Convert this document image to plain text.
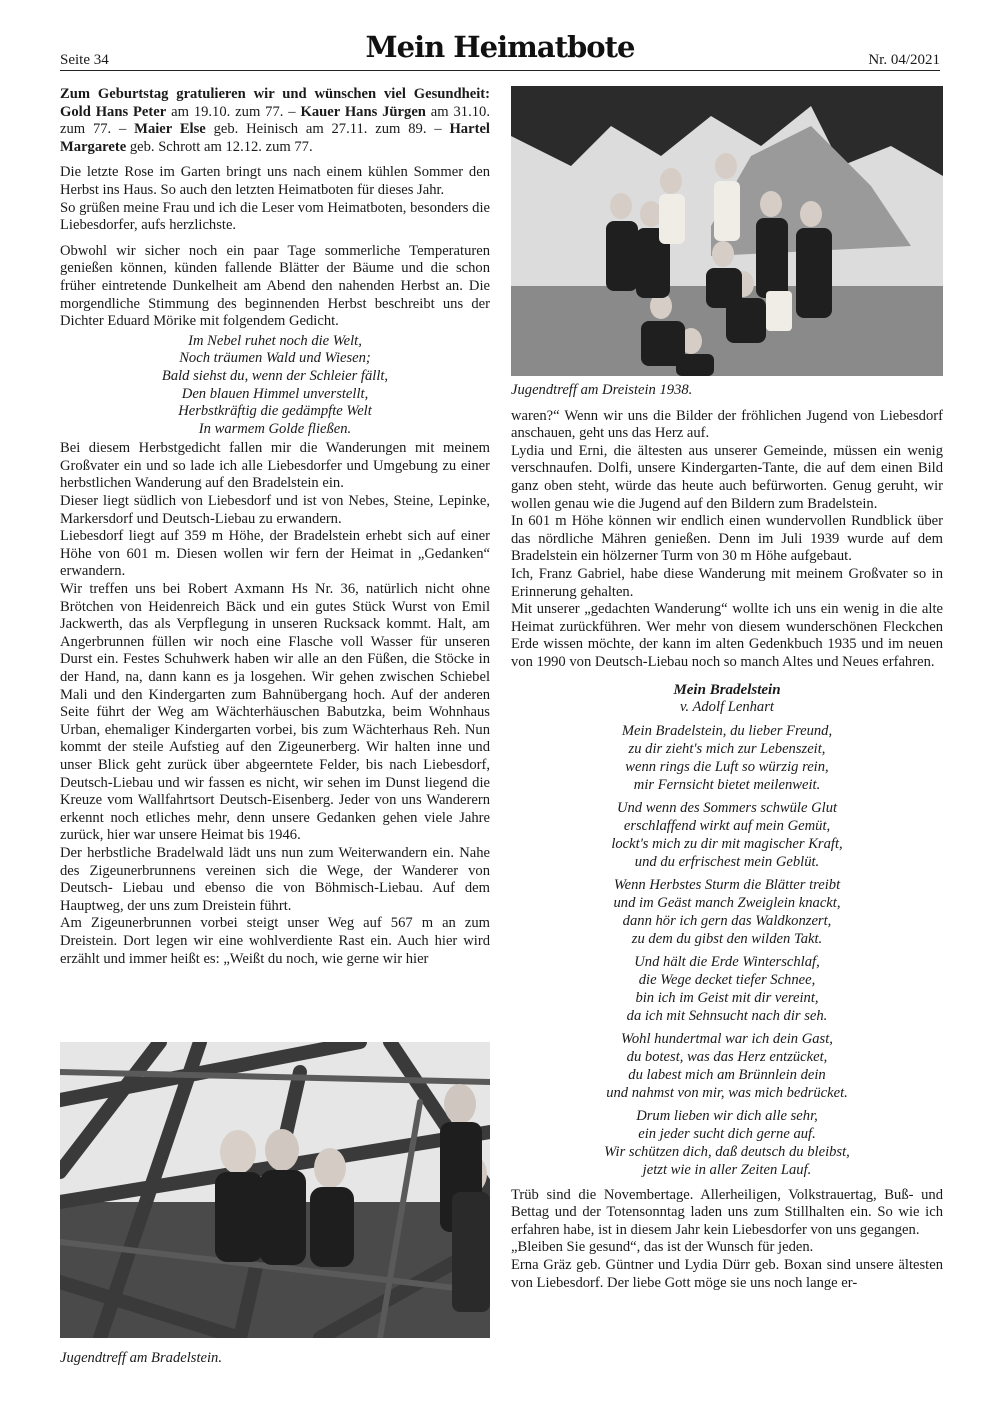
Seite 34	Mein Heimatbote	Nr. 04/2021

Zum Geburtstag gratulieren wir und wünschen viel Gesundheit: Gold Hans Peter am 19.10. zum 77. – Kauer Hans Jürgen am 31.10. zum 77. – Maier Else geb. Heinisch am 27.11. zum 89. – Hartel Margarete geb. Schrott am 12.12. zum 77.

Die letzte Rose im Garten bringt uns nach einem kühlen Sommer den Herbst ins Haus. So auch den letzten Heimatboten für dieses Jahr.

So grüßen meine Frau und ich die Leser vom Heimatboten, besonders die Liebesdorfer, aufs herzlichste.

Obwohl wir sicher noch ein paar Tage sommerliche Temperaturen genießen können, künden fallende Blätter der Bäume und die schon früher eintretende Dunkelheit am Abend den nahenden Herbst an. Die morgendliche Stimmung des beginnenden Herbst beschreibt uns der Dichter Eduard Mörike mit folgendem Gedicht.

Im Nebel ruhet noch die Welt,
Noch träumen Wald und Wiesen;
Bald siehst du, wenn der Schleier fällt,
Den blauen Himmel unverstellt,
Herbstkräftig die gedämpfte Welt
In warmem Golde fließen.

Bei diesem Herbstgedicht fallen mir die Wanderungen mit meinem Großvater ein und so lade ich alle Liebesdorfer und Umgebung zu einer herbstlichen Wanderung auf den Bradelstein ein.

Dieser liegt südlich von Liebesdorf und ist von Nebes, Steine, Lepinke, Markersdorf und Deutsch-Liebau zu erwandern.

Liebesdorf liegt auf 359 m Höhe, der Bradelstein erhebt sich auf einer Höhe von 601 m. Diesen wollen wir fern der Heimat in „Gedanken“ erwandern.

Wir treffen uns bei Robert Axmann Hs Nr. 36, natürlich nicht ohne Brötchen von Heidenreich Bäck und ein gutes Stück Wurst von Emil Jackwerth, das als Verpflegung in unseren Rucksack kommt. Halt, am Angerbrunnen füllen wir noch eine Flasche voll Wasser für unseren Durst ein. Festes Schuhwerk haben wir alle an den Füßen, die Stöcke in der Hand, na, dann kann es ja losgehen. Wir gehen zwischen Schiebel Mali und den Kindergarten zum Bahnübergang hoch. Auf der anderen Seite führt der Weg am Wächterhäuschen Babutzka, beim Wohnhaus Urban, ehemaliger Kindergarten vorbei, bis zum Wächterhaus Reh. Nun kommt der steile Aufstieg auf den Zigeunerberg. Wir halten inne und unser Blick geht zurück über abgeerntete Felder, bis nach Liebesdorf, Deutsch-Liebau und wir fassen es nicht, wir sehen im Dunst liegend die Kreuze vom Wallfahrtsort Deutsch-Eisenberg. Jeder von uns Wanderern erkennt noch etliches mehr, denn unsere Gedanken gehen viele Jahre zurück, hier war unsere Heimat bis 1946.

Der herbstliche Bradelwald lädt uns nun zum Weiterwandern ein. Nahe des Zigeunerbrunnens vereinen sich die Wege, der Wanderer von Deutsch- Liebau und ebenso die von Böhmisch-Liebau. Auf dem Hauptweg, der uns zum Dreistein führt.

Am Zigeunerbrunnen vorbei steigt unser Weg auf 567 m an zum Dreistein. Dort legen wir eine wohlverdiente Rast ein. Auch hier wird erzählt und immer heißt es: „Weißt du noch, wie gerne wir hier

Jugendtreff am Bradelstein.
Jugendtreff am Dreistein 1938.

waren?“ Wenn wir uns die Bilder der fröhlichen Jugend von Liebesdorf anschauen, geht uns das Herz auf.

Lydia und Erni, die ältesten aus unserer Gemeinde, müssen ein wenig verschnaufen. Dolfi, unsere Kindergarten-Tante, die auf dem einen Bild ganz oben steht, würde das heute auch befürworten. Genug geruht, wir wollen genau wie die Jugend auf den Bildern zum Bradelstein.

In 601 m Höhe können wir endlich einen wundervollen Rundblick über das nördliche Mähren genießen. Denn im Juli 1939 wurde auf dem Bradelstein ein hölzerner Turm von 30 m Höhe aufgebaut.

Ich, Franz Gabriel, habe diese Wanderung mit meinem Großvater so in Erinnerung gehalten.

Mit unserer „gedachten Wanderung“ wollte ich uns ein wenig in die alte Heimat zurückführen. Wer mehr von diesem wunderschönen Fleckchen Erde wissen möchte, der kann im alten Gedenkbuch 1935 und im neuen von 1990 von Deutsch-Liebau noch so manch Altes und Neues erfahren.

Mein Bradelstein
v. Adolf Lenhart
Mein Bradelstein, du lieber Freund,
zu dir zieht's mich zur Lebenszeit,
wenn rings die Luft so würzig rein,
mir Fernsicht bietet meilenweit.
Und wenn des Sommers schwüle Glut
erschlaffend wirkt auf mein Gemüt,
lockt's mich zu dir mit magischer Kraft,
und du erfrischest mein Geblüt.
Wenn Herbstes Sturm die Blätter treibt
und im Geäst manch Zweiglein knackt,
dann hör ich gern das Waldkonzert,
zu dem du gibst den wilden Takt.
Und hält die Erde Winterschlaf,
die Wege decket tiefer Schnee,
bin ich im Geist mit dir vereint,
da ich mit Sehnsucht nach dir seh.
Wohl hundertmal war ich dein Gast,
du botest, was das Herz entzücket,
du labest mich am Brünnlein dein
und nahmst von mir, was mich bedrücket.
Drum lieben wir dich alle sehr,
ein jeder sucht dich gerne auf.
Wir schützen dich, daß deutsch du bleibst,
jetzt wie in aller Zeiten Lauf.

Trüb sind die Novembertage. Allerheiligen, Volkstrauertag, Buß- und Bettag und der Totensonntag laden uns zum Stillhalten ein. So wie ich erfahren habe, ist in diesem Jahr kein Liebesdorfer von uns gegangen.

„Bleiben Sie gesund“, das ist der Wunsch für jeden.

Erna Gräz geb. Güntner und Lydia Dürr geb. Boxan sind unsere ältesten von Liebesdorf. Der liebe Gott möge sie uns noch lange er-
